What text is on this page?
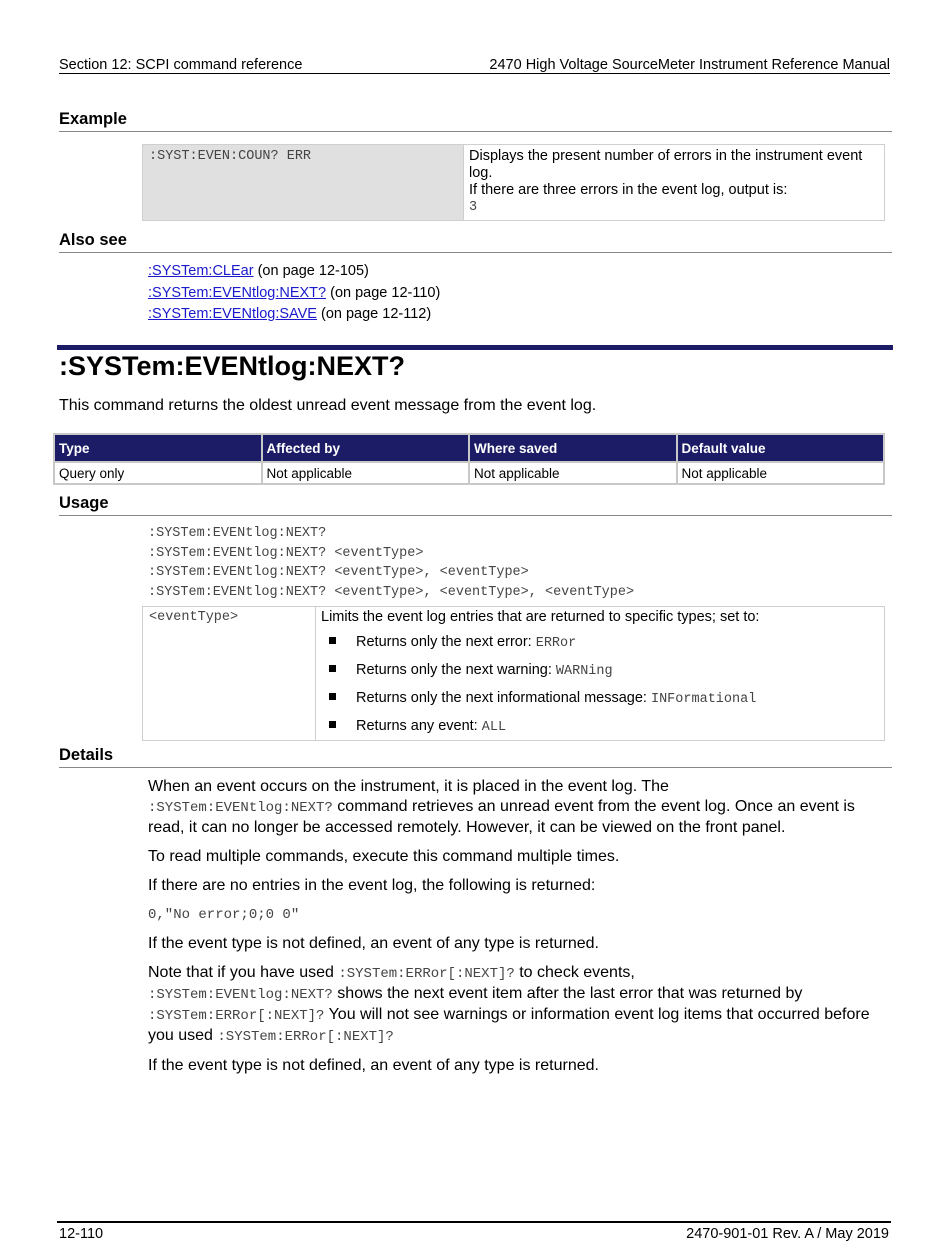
Section 12: SCPI command reference	2470 High Voltage SourceMeter Instrument Reference Manual
Example
:SYST:EVEN:COUN? ERR	Displays the present number of errors in the instrument event log.
If there are three errors in the event log, output is:
3
Also see
:SYSTem:CLEar (on page 12-105)
:SYSTem:EVENtlog:NEXT? (on page 12-110)
:SYSTem:EVENtlog:SAVE (on page 12-112)
:SYSTem:EVENtlog:NEXT?
This command returns the oldest unread event message from the event log.
Type	Affected by	Where saved	Default value
Query only	Not applicable	Not applicable	Not applicable
Usage
:SYSTem:EVENtlog:NEXT?
:SYSTem:EVENtlog:NEXT? <eventType>
:SYSTem:EVENtlog:NEXT? <eventType>, <eventType>
:SYSTem:EVENtlog:NEXT? <eventType>, <eventType>, <eventType>
<eventType>	Limits the event log entries that are returned to specific types; set to:
Returns only the next error: ERRor
Returns only the next warning: WARNing
Returns only the next informational message: INFormational
Returns any event: ALL
Details

When an event occurs on the instrument, it is placed in the event log. The
:SYSTem:EVENtlog:NEXT? command retrieves an unread event from the event log. Once an event is read, it can no longer be accessed remotely. However, it can be viewed on the front panel.

To read multiple commands, execute this command multiple times.

If there are no entries in the event log, the following is returned:

0,"No error;0;0 0"

If the event type is not defined, an event of any type is returned.

Note that if you have used :SYSTem:ERRor[:NEXT]? to check events,
:SYSTem:EVENtlog:NEXT? shows the next event item after the last error that was returned by
:SYSTem:ERRor[:NEXT]? You will not see warnings or information event log items that occurred before you used :SYSTem:ERRor[:NEXT]?

If the event type is not defined, an event of any type is returned.

12-110	2470-901-01 Rev. A / May 2019
